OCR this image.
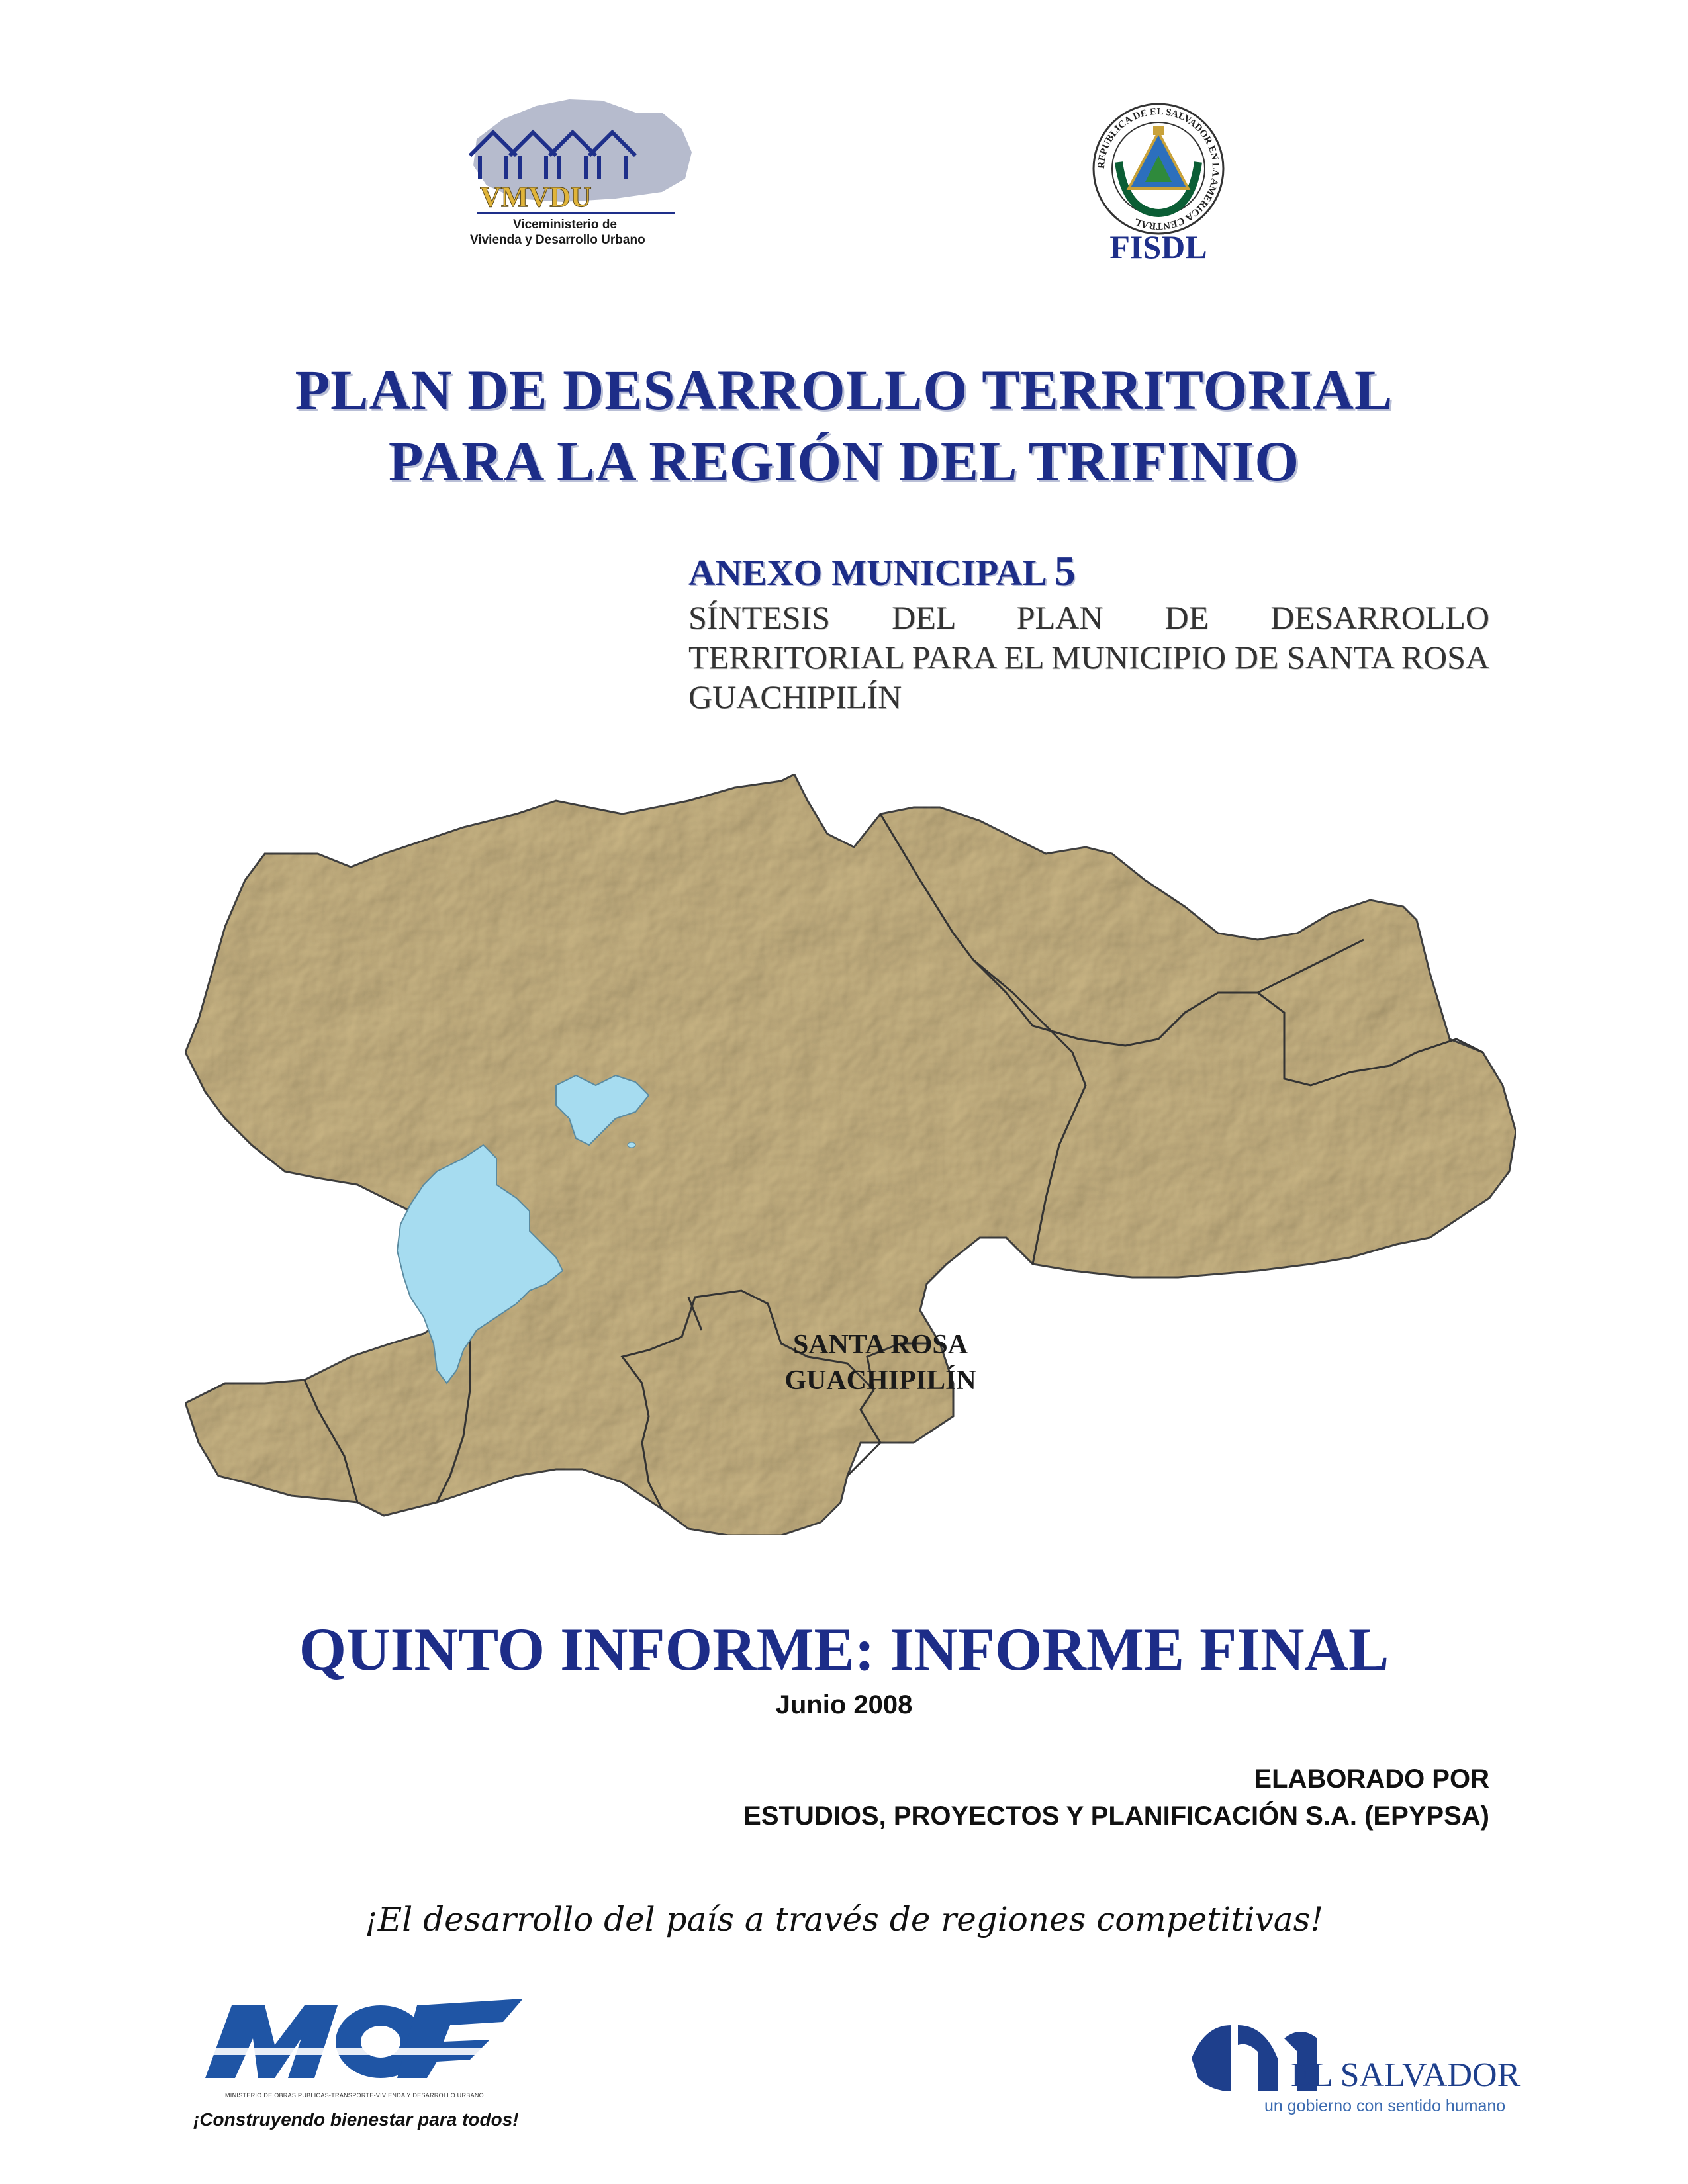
VMVDU
Viceministerio de
Vivienda y Desarrollo Urbano
REPUBLICA DE EL SALVADOR EN LA AMERICA CENTRAL
FISDL
PLAN DE DESARROLLO TERRITORIAL
PARA LA REGIÓN DEL TRIFINIO
ANEXO MUNICIPAL 5
SÍNTESIS DEL PLAN DE DESARROLLO TERRITORIAL PARA EL MUNICIPIO DE SANTA ROSA GUACHIPILÍN
SANTA ROSA
GUACHIPILÍN
QUINTO INFORME: INFORME FINAL
Junio 2008
ELABORADO POR
ESTUDIOS, PROYECTOS Y PLANIFICACIÓN S.A. (EPYPSA)
¡El desarrollo del país a través de regiones competitivas!
MINISTERIO DE OBRAS PUBLICAS-TRANSPORTE-VIVIENDA Y DESARROLLO URBANO
¡Construyendo bienestar para todos!
EL SALVADOR
un gobierno con sentido humano
